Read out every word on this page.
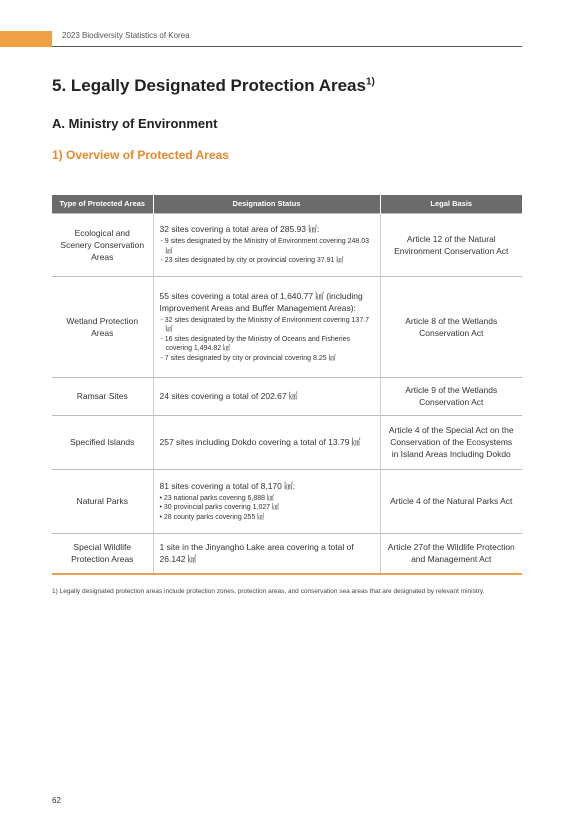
2023 Biodiversity Statistics of Korea
5. Legally Designated Protection Areas$^{1)}$
A. Ministry of Environment
1) Overview of Protected Areas
Type of Protected Areas	Designation Status	Legal Basis
Ecological and Scenery Conservation Areas	32 sites covering a total area of 285.93 ㎢:
- 9 sites designated by the Ministry of Environment covering 248.03 ㎢
- 23 sites designated by city or provincial covering 37.91 ㎢	Article 12 of the Natural Environment Conservation Act
Wetland Protection Areas	55 sites covering a total area of 1,640.77 ㎢ (including Improvement Areas and Buffer Management Areas):
- 32 sites designated by the Ministry of Environment covering 137.7 ㎢
- 16 sites designated by the Ministry of Oceans and Fisheries covering 1,494.82 ㎢
- 7 sites designated by city or provincial covering 8.25 ㎢	Article 8 of the Wetlands Conservation Act
Ramsar Sites	24 sites covering a total of 202.67 ㎢	Article 9 of the Wetlands Conservation Act
Specified Islands	257 sites including Dokdo covering a total of 13.79 ㎢	Article 4 of the Special Act on the Conservation of the Ecosystems in Island Areas Including Dokdo
Natural Parks	81 sites covering a total of 8,170 ㎢:
• 23 national parks covering 6,888 ㎢
• 30 provincial parks covering 1,027 ㎢
• 28 county parks covering 255 ㎢	Article 4 of the Natural Parks Act
Special Wildlife Protection Areas	1 site in the Jinyangho Lake area covering a total of 26.142 ㎢	Article 27of the Wildlife Protection and Management Act
1) Legally designated protection areas include protection zones, protection areas, and conservation sea areas that are designated by relevant ministry.
62
